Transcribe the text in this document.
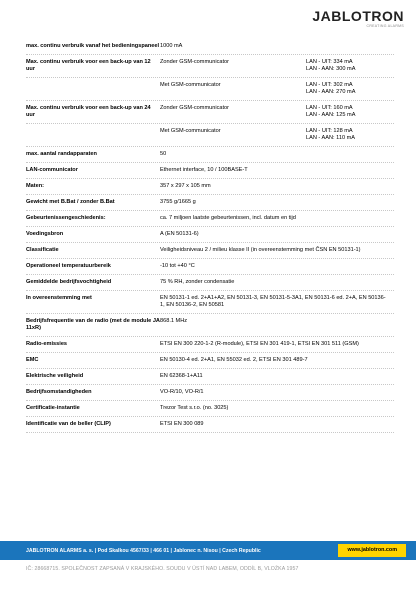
JABLOTRON
CREATING ALARMS
max. continu verbruik vanaf het bedieningspaneel 1000 mA
Max. continu verbruik voor een back-up van 12 uur
Zonder GSM-communicator	LAN - UIT: 334 mA
LAN - AAN: 300 mA
Met GSM-communicator	LAN - UIT: 302 mA
LAN - AAN: 270 mA
Max. continu verbruik voor een back-up van 24 uur
Zonder GSM-communicator	LAN - UIT: 160 mA
LAN - AAN: 125 mA
Met GSM-communicator	LAN - UIT: 128 mA
LAN - AAN: 110 mA
max. aantal randapparaten	50
LAN-communicator	Ethernet interface, 10 / 100BASE-T
Maten:	357 x 297 x 105 mm
Gewicht met B.Bat / zonder B.Bat	3755 g/1665 g
Gebeurtenissengeschiedenis:	ca. 7 miljoen laatste gebeurtenissen, incl. datum en tijd
Voedingsbron	A (EN 50131-6)
Classificatie	Veiligheidsniveau 2 / milieu klasse II (in overeenstemming met ČSN EN 50131-1)
Operationeel temperatuurbereik	-10 tot +40 °C
Gemiddelde bedrijfsvochtigheid	75 % RH, zonder condensatie
In overeenstemming met	EN 50131-1 ed. 2+A1+A2, EN 50131-3, EN 50131-5-3A1, EN 50131-6 ed. 2+A, EN 50136-1, EN 50136-2, EN 50581
Bedrijfsfrequentie van de radio (met de module JA 11xR)
868.1 MHz
Radio-emissies	ETSI EN 300 220-1-2 (R-module), ETSI EN 301 419-1, ETSI EN 301 511 (GSM)
EMC	EN 50130-4 ed. 2+A1, EN 55032 ed. 2, ETSI EN 301 489-7
Elektrische veiligheid	EN 62368-1+A11
Bedrijfsomstandigheden	VO-R/10, VO-R/1
Certificatie-instantie	Trezor Test s.r.o. (no. 3025)
Identificatie van de beller (CLIP)	ETSI EN 300 089
JABLOTRON ALARMS a. s. | Pod Skalkou 4567/33 | 466 01 | Jablonec n. Nisou | Czech Republic	www.jablotron.com
IČ: 28668715. SPOLEČNOST ZAPSANÁ V KRAJSKÉHO. SOUDU V ÚSTÍ NAD LABEM, ODDÍL B, VLOŽKA 1957
